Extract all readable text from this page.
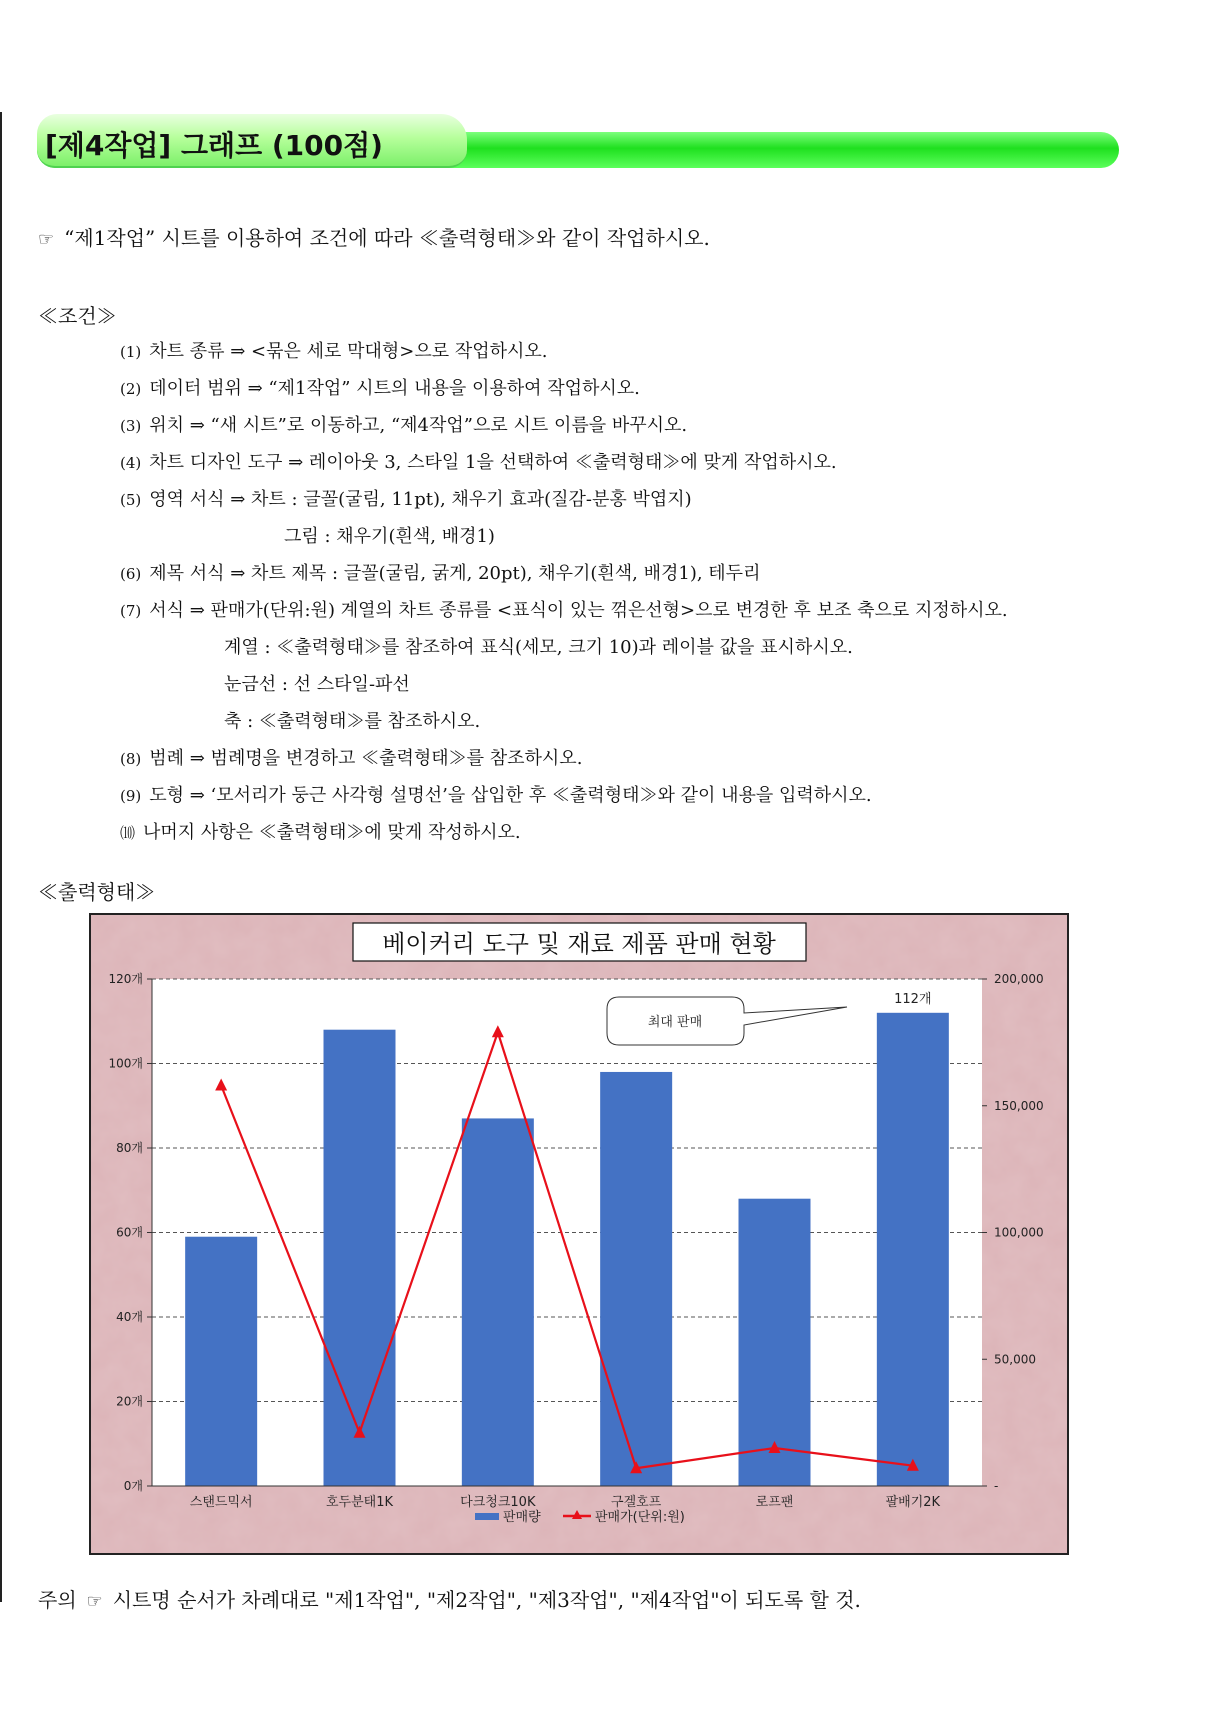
[제4작업] 그래프 (100점)
☞ “제1작업” 시트를 이용하여 조건에 따라 ≪출력형태≫와 같이 작업하시오.
≪조건≫
(1) 차트 종류 ⇒ <묶은 세로 막대형>으로 작업하시오.
(2) 데이터 범위 ⇒ “제1작업” 시트의 내용을 이용하여 작업하시오.
(3) 위치 ⇒ “새 시트”로 이동하고, “제4작업”으로 시트 이름을 바꾸시오.
(4) 차트 디자인 도구 ⇒ 레이아웃 3, 스타일 1을 선택하여 ≪출력형태≫에 맞게 작업하시오.
(5) 영역 서식 ⇒ 차트 : 글꼴(굴림, 11pt), 채우기 효과(질감-분홍 박엽지)
그림 : 채우기(흰색, 배경1)
(6) 제목 서식 ⇒ 차트 제목 : 글꼴(굴림, 굵게, 20pt), 채우기(흰색, 배경1), 테두리
(7) 서식 ⇒ 판매가(단위:원) 계열의 차트 종류를 <표식이 있는 꺾은선형>으로 변경한 후 보조 축으로 지정하시오.
계열 : ≪출력형태≫를 참조하여 표식(세모, 크기 10)과 레이블 값을 표시하시오.
눈금선 : 선 스타일-파선
축 : ≪출력형태≫를 참조하시오.
(8) 범례 ⇒ 범례명을 변경하고 ≪출력형태≫를 참조하시오.
(9) 도형 ⇒ ‘모서리가 둥근 사각형 설명선’을 삽입한 후 ≪출력형태≫와 같이 내용을 입력하시오.
⑽ 나머지 사항은 ≪출력형태≫에 맞게 작성하시오.
≪출력형태≫
0개
20개
40개
60개
80개
100개
120개
-
50,000
100,000
150,000
200,000
스탠드믹서	호두분태1K	다크청크10K	구겔호프	로프팬	팔배기2K
112개
베이커리 도구 및 재료 제품 판매 현황
최대 판매
판매량	판매가(단위:원)
주의 ☞ 시트명 순서가 차례대로 "제1작업", "제2작업", "제3작업", "제4작업"이 되도록 할 것.
